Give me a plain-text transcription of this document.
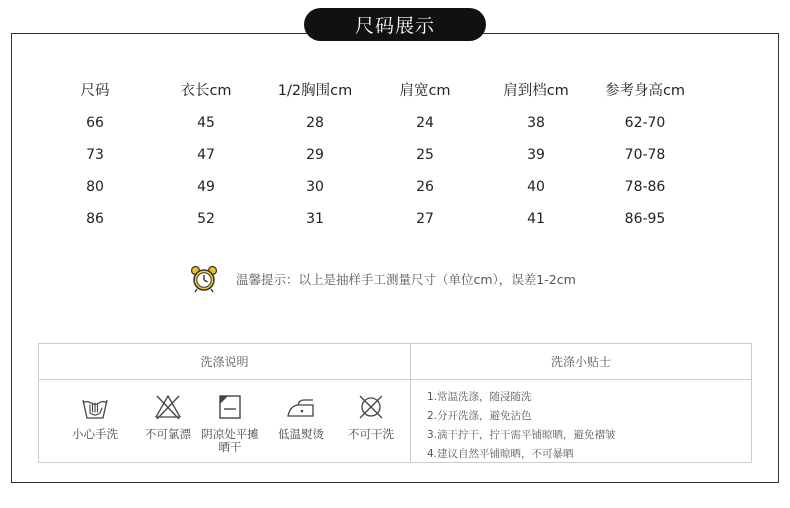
尺码展示
尺码	衣长cm	1/2胸围cm	肩宽cm	肩到档cm 参考身高cm
66	45	28	24	38	62-70
73	47	29	25	39	70-78
80	49	30	26	40	78-86
86	52	31	27	41	86-95
温馨提示：以上是抽样手工测量尺寸（单位cm），误差1-2cm
洗涤说明
小心手洗	不可氯漂 阴凉处平摊晒干
低温熨烫	不可干洗
洗涤小贴士
1.常温洗涤，随浸随洗
2.分开洗涤，避免沾色
3.滴干拧干，拧干需平铺晾晒，避免褶皱
4.建议自然平铺晾晒，不可暴晒
